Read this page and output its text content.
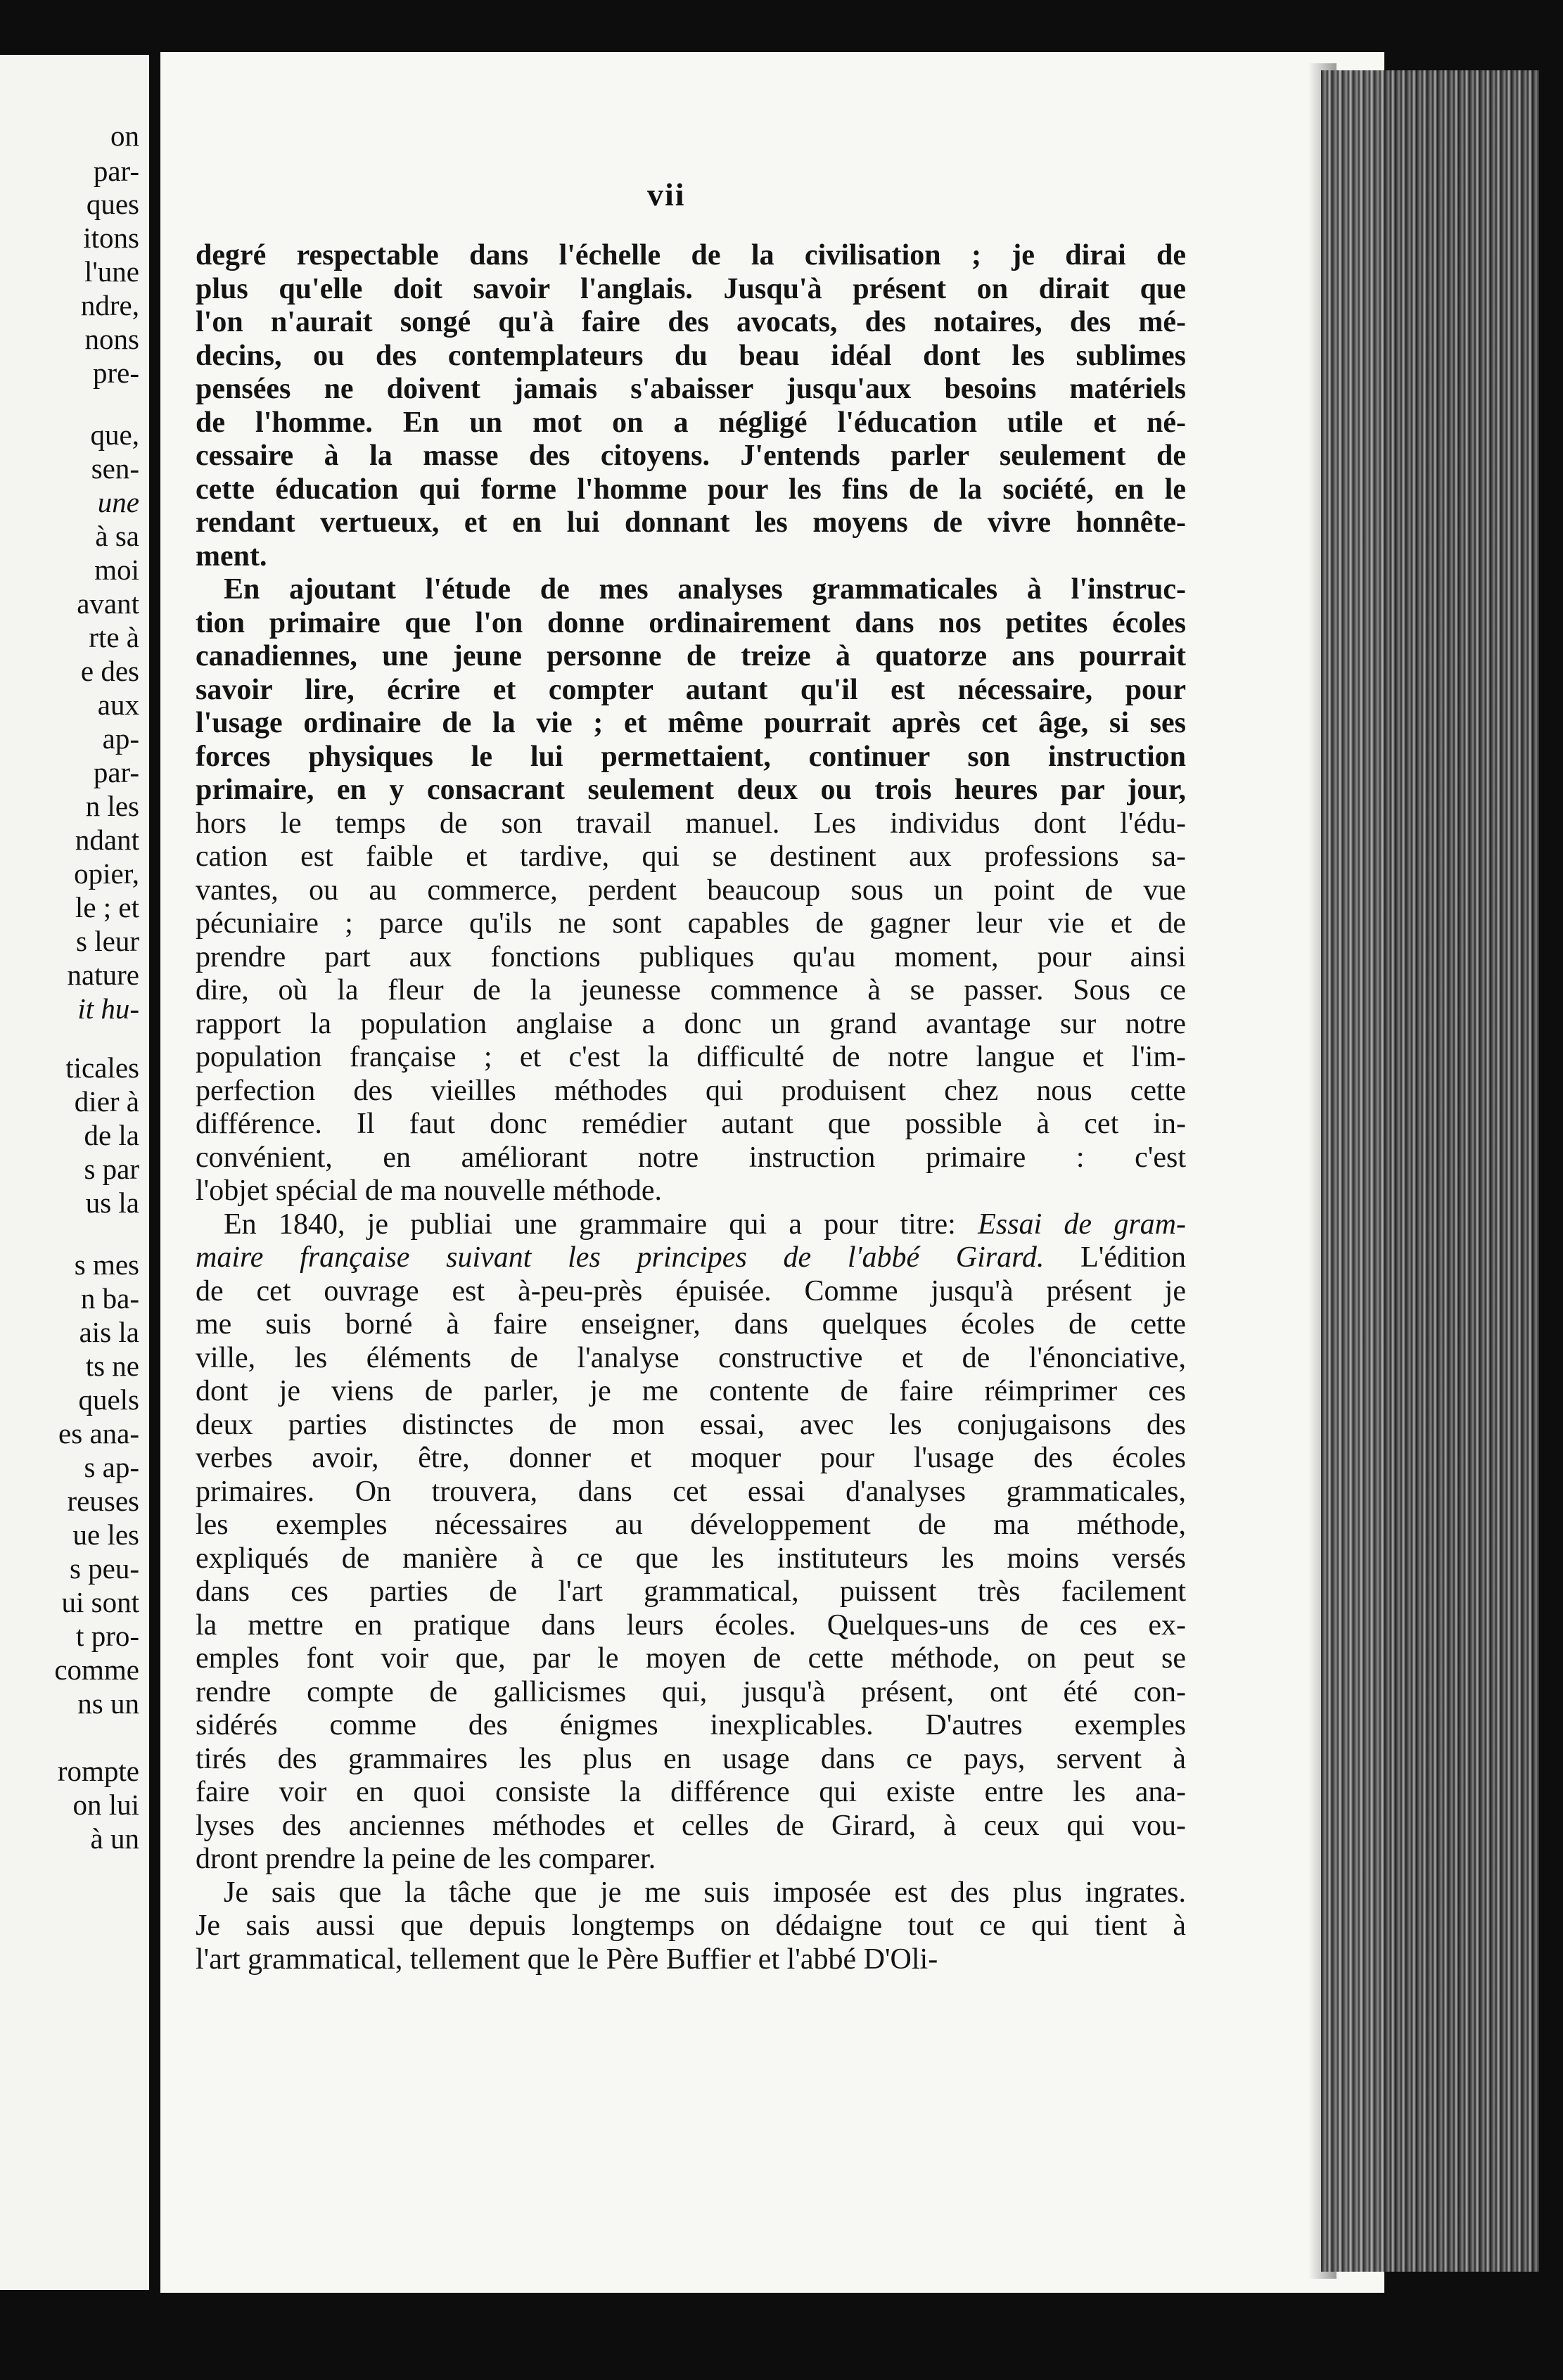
on
par-
ques
itons
l'une
ndre,
nons
pre-
que,
sen-
une
à sa
moi
avant
rte à
e des
aux
ap-
par-
n les
ndant
opier,
le ; et
s leur
nature
it hu-
ticales
dier à
de la
s par
us la
s mes
n ba-
ais la
ts ne
quels
es ana-
s ap-
reuses
ue les
s peu-
ui sont
t pro-
comme
ns un
rompte
on lui
à un
vii
degré respectable dans l'échelle de la civilisation ; je dirai de
plus qu'elle doit savoir l'anglais. Jusqu'à présent on dirait que
l'on n'aurait songé qu'à faire des avocats, des notaires, des mé-
decins, ou des contemplateurs du beau idéal dont les sublimes
pensées ne doivent jamais s'abaisser jusqu'aux besoins matériels
de l'homme. En un mot on a négligé l'éducation utile et né-
cessaire à la masse des citoyens. J'entends parler seulement de
cette éducation qui forme l'homme pour les fins de la société, en le
rendant vertueux, et en lui donnant les moyens de vivre honnête-
ment.
En ajoutant l'étude de mes analyses grammaticales à l'instruc-
tion primaire que l'on donne ordinairement dans nos petites écoles
canadiennes, une jeune personne de treize à quatorze ans pourrait
savoir lire, écrire et compter autant qu'il est nécessaire, pour
l'usage ordinaire de la vie ; et même pourrait après cet âge, si ses
forces physiques le lui permettaient, continuer son instruction
primaire, en y consacrant seulement deux ou trois heures par jour,
hors le temps de son travail manuel. Les individus dont l'édu-
cation est faible et tardive, qui se destinent aux professions sa-
vantes, ou au commerce, perdent beaucoup sous un point de vue
pécuniaire ; parce qu'ils ne sont capables de gagner leur vie et de
prendre part aux fonctions publiques qu'au moment, pour ainsi
dire, où la fleur de la jeunesse commence à se passer. Sous ce
rapport la population anglaise a donc un grand avantage sur notre
population française ; et c'est la difficulté de notre langue et l'im-
perfection des vieilles méthodes qui produisent chez nous cette
différence. Il faut donc remédier autant que possible à cet in-
convénient, en améliorant notre instruction primaire : c'est
l'objet spécial de ma nouvelle méthode.
En 1840, je publiai une grammaire qui a pour titre: Essai de gram-
maire française suivant les principes de l'abbé Girard. L'édition
de cet ouvrage est à-peu-près épuisée. Comme jusqu'à présent je
me suis borné à faire enseigner, dans quelques écoles de cette
ville, les éléments de l'analyse constructive et de l'énonciative,
dont je viens de parler, je me contente de faire réimprimer ces
deux parties distinctes de mon essai, avec les conjugaisons des
verbes avoir, être, donner et moquer pour l'usage des écoles
primaires. On trouvera, dans cet essai d'analyses grammaticales,
les exemples nécessaires au développement de ma méthode,
expliqués de manière à ce que les instituteurs les moins versés
dans ces parties de l'art grammatical, puissent très facilement
la mettre en pratique dans leurs écoles. Quelques-uns de ces ex-
emples font voir que, par le moyen de cette méthode, on peut se
rendre compte de gallicismes qui, jusqu'à présent, ont été con-
sidérés comme des énigmes inexplicables. D'autres exemples
tirés des grammaires les plus en usage dans ce pays, servent à
faire voir en quoi consiste la différence qui existe entre les ana-
lyses des anciennes méthodes et celles de Girard, à ceux qui vou-
dront prendre la peine de les comparer.
Je sais que la tâche que je me suis imposée est des plus ingrates.
Je sais aussi que depuis longtemps on dédaigne tout ce qui tient à
l'art grammatical, tellement que le Père Buffier et l'abbé D'Oli-
